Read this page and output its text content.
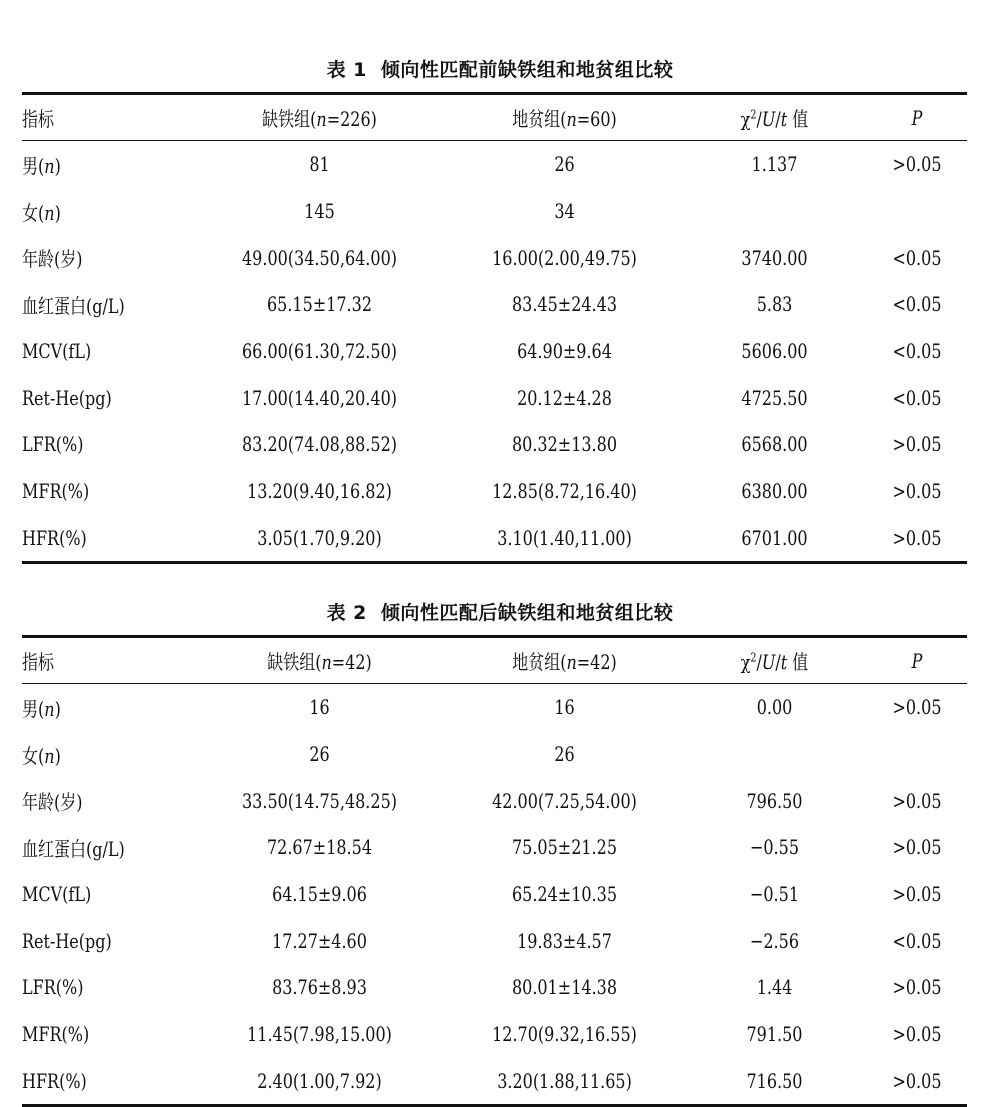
表 1 倾向性匹配前缺铁组和地贫组比较
指标	缺铁组(n=226)	地贫组(n=60)	$\chi^2/U/t$ 值	P
男(n)	81	26	1.137	>0.05
女(n)	145	34		
年龄(岁)	49.00(34.50,64.00)	16.00(2.00,49.75)	3740.00	<0.05
血红蛋白(g/L)	65.15±17.32	83.45±24.43	5.83	<0.05
MCV(fL)	66.00(61.30,72.50)	64.90±9.64	5606.00	<0.05
Ret-He(pg)	17.00(14.40,20.40)	20.12±4.28	4725.50	<0.05
LFR(%)	83.20(74.08,88.52)	80.32±13.80	6568.00	>0.05
MFR(%)	13.20(9.40,16.82)	12.85(8.72,16.40)	6380.00	>0.05
HFR(%)	3.05(1.70,9.20)	3.10(1.40,11.00)	6701.00	>0.05
表 2 倾向性匹配后缺铁组和地贫组比较
指标	缺铁组(n=42)	地贫组(n=42)	$\chi^2/U/t$ 值	P
男(n)	16	16	0.00	>0.05
女(n)	26	26		
年龄(岁)	33.50(14.75,48.25)	42.00(7.25,54.00)	796.50	>0.05
血红蛋白(g/L)	72.67±18.54	75.05±21.25	−0.55	>0.05
MCV(fL)	64.15±9.06	65.24±10.35	−0.51	>0.05
Ret-He(pg)	17.27±4.60	19.83±4.57	−2.56	<0.05
LFR(%)	83.76±8.93	80.01±14.38	1.44	>0.05
MFR(%)	11.45(7.98,15.00)	12.70(9.32,16.55)	791.50	>0.05
HFR(%)	2.40(1.00,7.92)	3.20(1.88,11.65)	716.50	>0.05
